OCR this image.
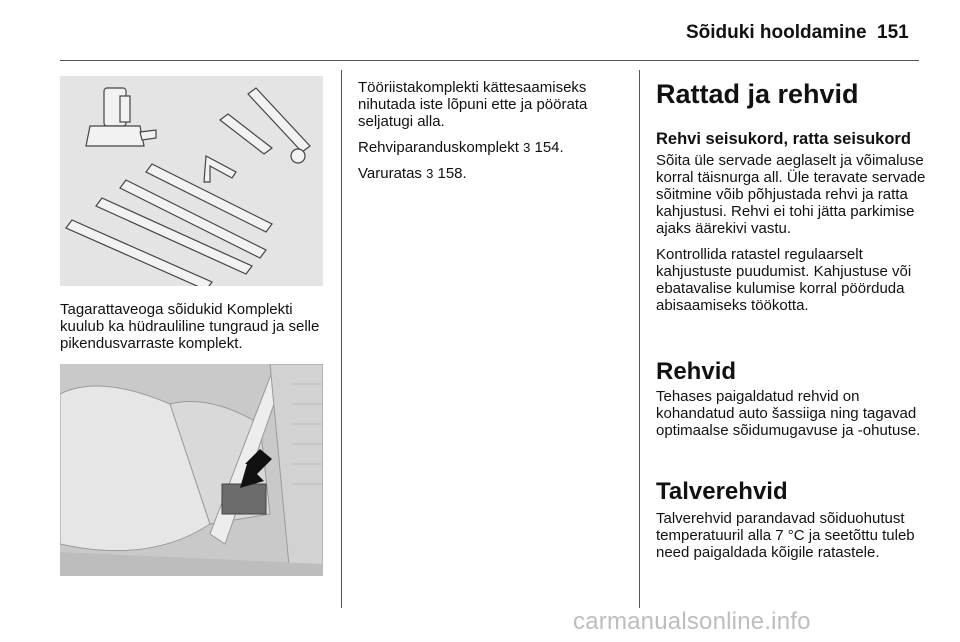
Sõiduki hooldamine 151
Tagarattaveoga sõidukid Komplekti kuulub ka hüdrauliline tungraud ja selle pikendusvarraste komplekt.

Tööriistakomplekti kättesaamiseks nihutada iste lõpuni ette ja pöörata seljatugi alla.

Rehviparanduskomplekt 3 154.

Varuratas 3 158.

Rattad ja rehvid
Rehvi seisukord, ratta seisukord

Sõita üle servade aeglaselt ja võimaluse korral täisnurga all. Üle teravate servade sõitmine võib põhjustada rehvi ja ratta kahjustusi. Rehvi ei tohi jätta parkimise ajaks äärekivi vastu.

Kontrollida ratastel regulaarselt kahjustuste puudumist. Kahjustuse või ebatavalise kulumise korral pöörduda abisaamiseks töökotta.

Rehvid
Tehases paigaldatud rehvid on kohandatud auto šassiiga ning tagavad optimaalse sõidumugavuse ja -ohutuse.
Talverehvid
Talverehvid parandavad sõiduohutust temperatuuril alla 7 °C ja seetõttu tuleb need paigaldada kõigile ratastele.
carmanualsonline.info
